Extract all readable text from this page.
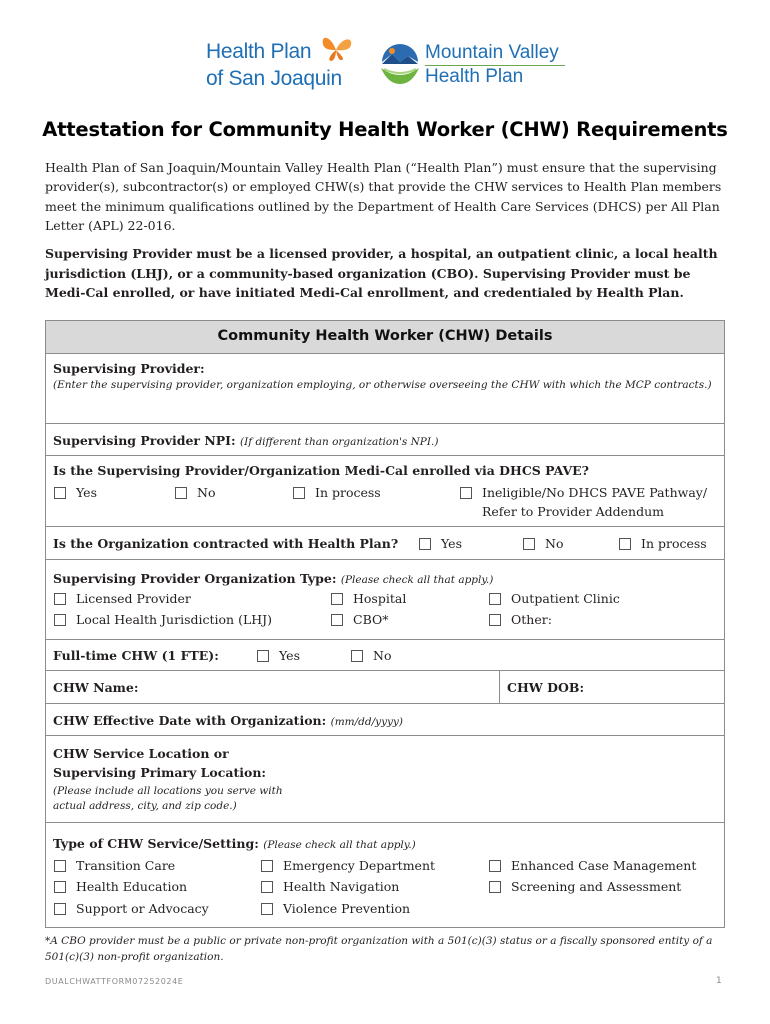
Health Plan
of San Joaquin
Mountain Valley
Health Plan
Attestation for Community Health Worker (CHW) Requirements
Health Plan of San Joaquin/Mountain Valley Health Plan (“Health Plan”) must ensure that the supervising provider(s), subcontractor(s) or employed CHW(s) that provide the CHW services to Health Plan members meet the minimum qualifications outlined by the Department of Health Care Services (DHCS) per All Plan Letter (APL) 22-016.
Supervising Provider must be a licensed provider, a hospital, an outpatient clinic, a local health jurisdiction (LHJ), or a community-based organization (CBO). Supervising Provider must be Medi-Cal enrolled, or have initiated Medi-Cal enrollment, and credentialed by Health Plan.
Community Health Worker (CHW) Details
Supervising Provider:
(Enter the supervising provider, organization employing, or otherwise overseeing the CHW with which the MCP contracts.)
Supervising Provider NPI: (If different than organization's NPI.)
Is the Supervising Provider/Organization Medi-Cal enrolled via DHCS PAVE?
Yes	No	In process	Ineligible/No DHCS PAVE Pathway/
Refer to Provider Addendum
Is the Organization contracted with Health Plan?	Yes	No	In process
Supervising Provider Organization Type: (Please check all that apply.)
Licensed Provider	Hospital	Outpatient Clinic
Local Health Jurisdiction (LHJ)	CBO*	Other:
Full-time CHW (1 FTE):	Yes	No
CHW Name:	CHW DOB:
CHW Effective Date with Organization: (mm/dd/yyyy)
CHW Service Location or
Supervising Primary Location:
(Please include all locations you serve with
actual address, city, and zip code.)
Type of CHW Service/Setting: (Please check all that apply.)
Transition Care	Emergency Department	Enhanced Case Management
Health Education	Health Navigation	Screening and Assessment
Support or Advocacy	Violence Prevention
*A CBO provider must be a public or private non-profit organization with a 501(c)(3) status or a fiscally sponsored entity of a 501(c)(3) non-profit organization.
DUALCHWATTFORM07252024E	1
